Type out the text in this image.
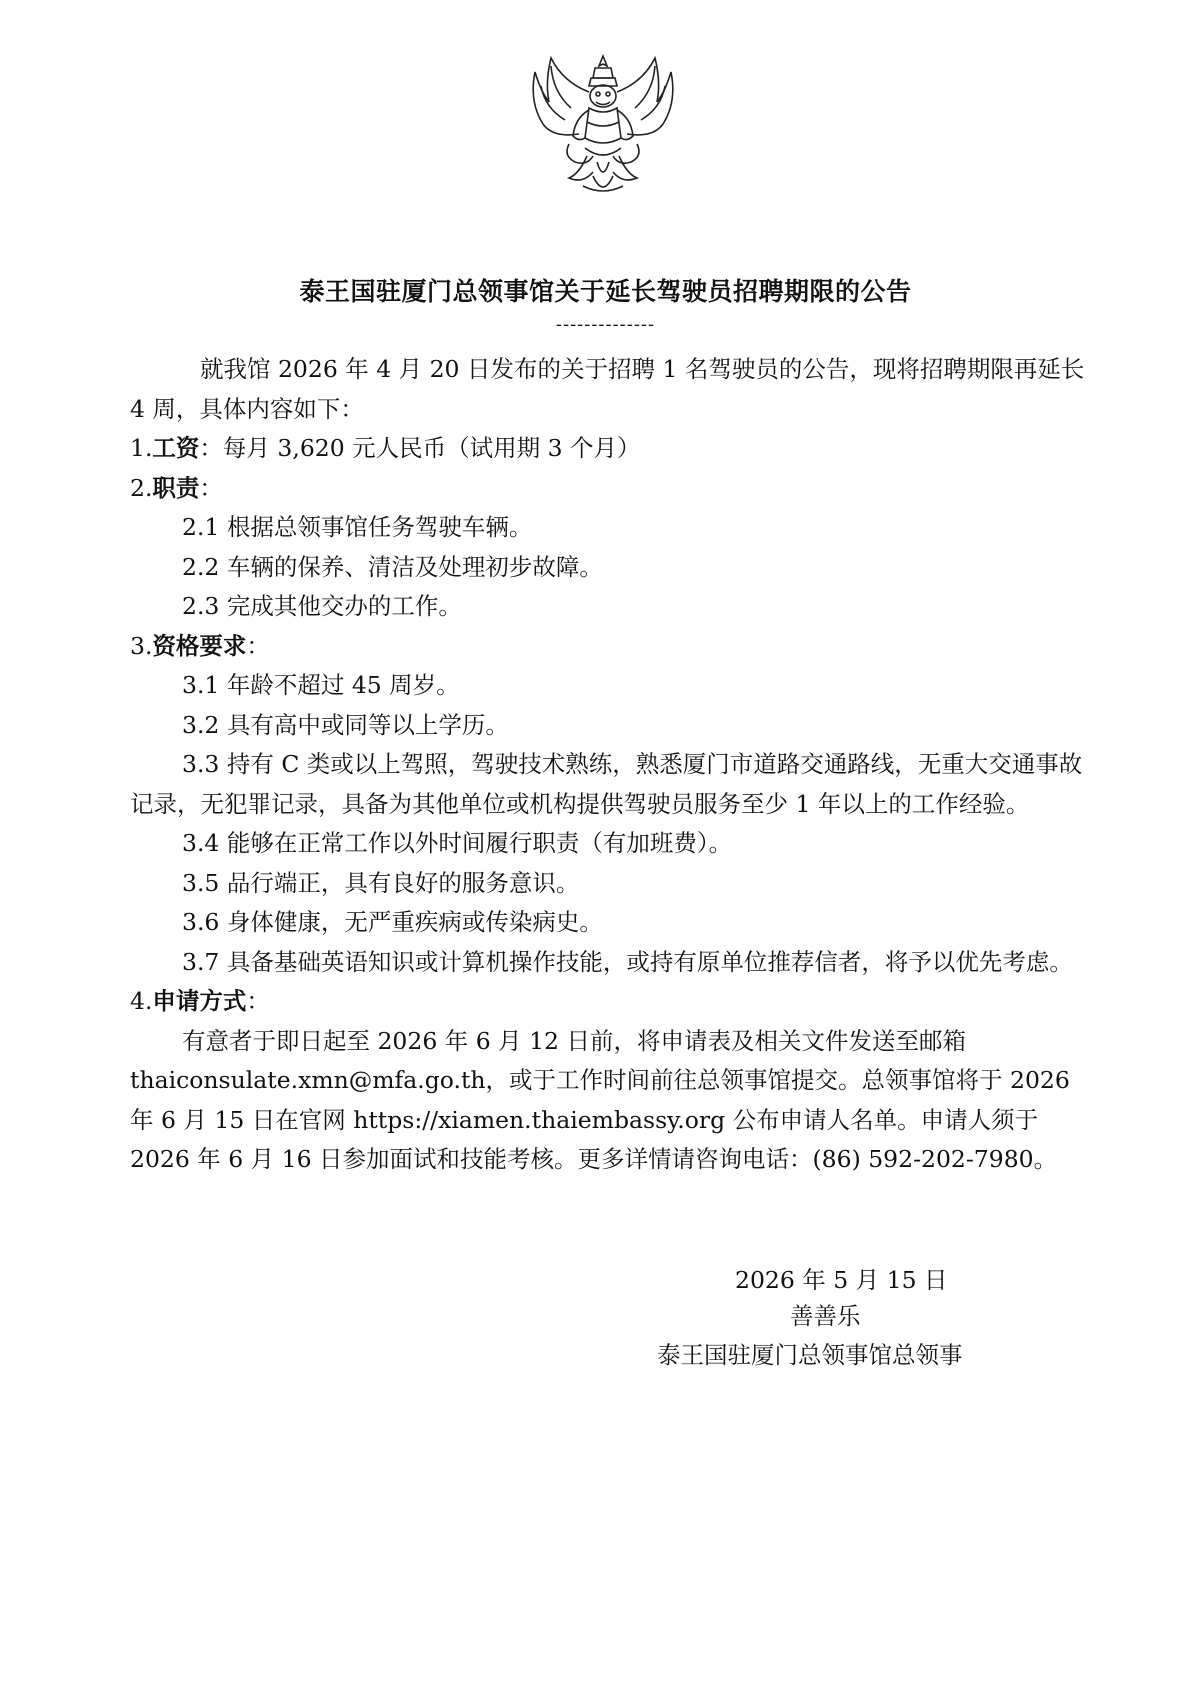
泰王国驻厦门总领事馆关于延长驾驶员招聘期限的公告
--------------

就我馆 2026 年 4 月 20 日发布的关于招聘 1 名驾驶员的公告，现将招聘期限再延长 4 周，具体内容如下：

1.工资：每月 3,620 元人民币（试用期 3 个月）

2.职责：

2.1 根据总领事馆任务驾驶车辆。

2.2 车辆的保养、清洁及处理初步故障。

2.3 完成其他交办的工作。

3.资格要求：

3.1 年龄不超过 45 周岁。

3.2 具有高中或同等以上学历。

3.3 持有 C 类或以上驾照，驾驶技术熟练，熟悉厦门市道路交通路线，无重大交通事故记录，无犯罪记录，具备为其他单位或机构提供驾驶员服务至少 1 年以上的工作经验。

3.4 能够在正常工作以外时间履行职责（有加班费）。

3.5 品行端正，具有良好的服务意识。

3.6 身体健康，无严重疾病或传染病史。

3.7 具备基础英语知识或计算机操作技能，或持有原单位推荐信者，将予以优先考虑。

4.申请方式：

有意者于即日起至 2026 年 6 月 12 日前，将申请表及相关文件发送至邮箱 thaiconsulate.xmn@mfa.go.th，或于工作时间前往总领事馆提交。总领事馆将于 2026 年 6 月 15 日在官网 https://xiamen.thaiembassy.org 公布申请人名单。申请人须于 2026 年 6 月 16 日参加面试和技能考核。更多详情请咨询电话：(86) 592-202-7980。

2026 年 5 月 15 日
善善乐
泰王国驻厦门总领事馆总领事
